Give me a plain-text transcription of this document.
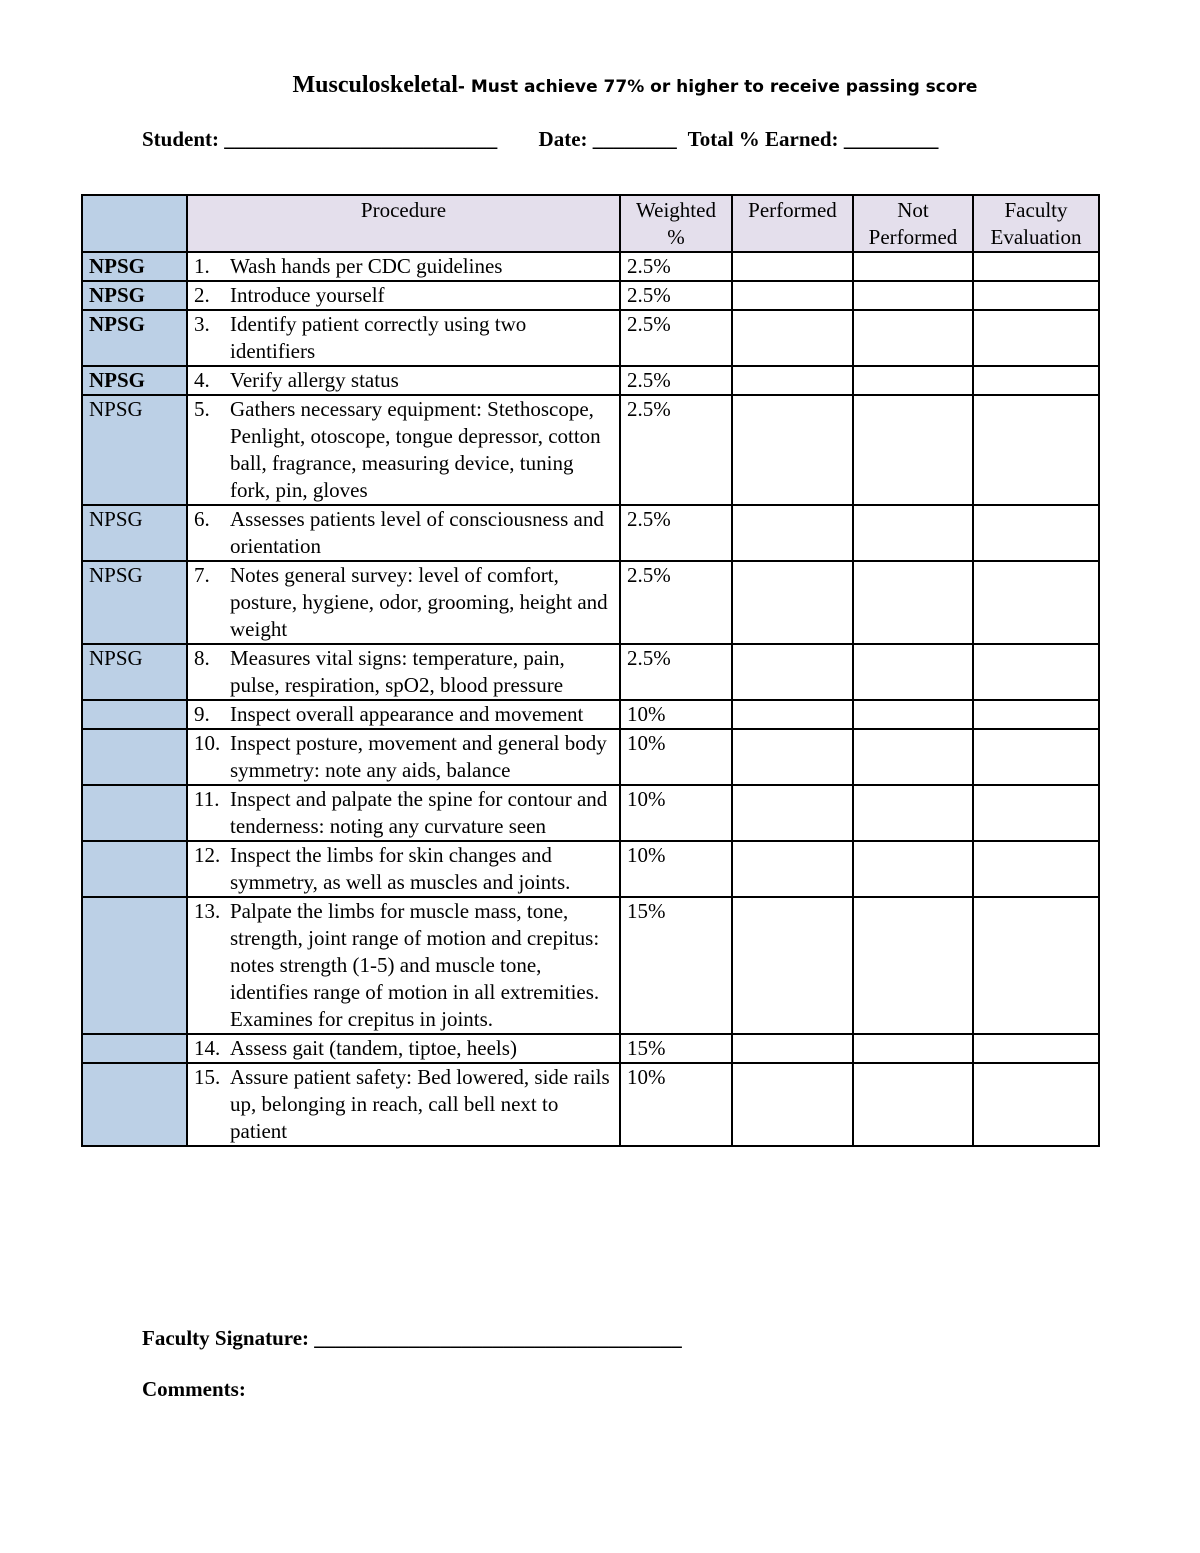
Musculoskeletal- Must achieve 77% or higher to receive passing score
Student: __________________________ Date: ________ Total % Earned: _________
	Procedure	Weighted %	Performed	Not Performed	Faculty Evaluation
NPSG	1. Wash hands per CDC guidelines	2.5%			
NPSG	2. Introduce yourself	2.5%			
NPSG	3. Identify patient correctly using two identifiers	2.5%			
NPSG	4. Verify allergy status	2.5%			
NPSG	5. Gathers necessary equipment: Stethoscope, Penlight, otoscope, tongue depressor, cotton ball, fragrance, measuring device, tuning fork, pin, gloves	2.5%			
NPSG	6. Assesses patients level of consciousness and orientation	2.5%			
NPSG	7. Notes general survey: level of comfort, posture, hygiene, odor, grooming, height and weight	2.5%			
NPSG	8. Measures vital signs: temperature, pain, pulse, respiration, spO2, blood pressure	2.5%			

	9. Inspect overall appearance and movement	10%			

	10. Inspect posture, movement and general body symmetry: note any aids, balance	10%			

	11. Inspect and palpate the spine for contour and tenderness: noting any curvature seen	10%			

	12. Inspect the limbs for skin changes and symmetry, as well as muscles and joints.	10%			

	13. Palpate the limbs for muscle mass, tone, strength, joint range of motion and crepitus: notes strength (1-5) and muscle tone, identifies range of motion in all extremities. Examines for crepitus in joints.	15%			

	14. Assess gait (tandem, tiptoe, heels)	15%			

	15. Assure patient safety: Bed lowered, side rails up, belonging in reach, call bell next to patient	10%			
Faculty Signature: ___________________________________
Comments:
